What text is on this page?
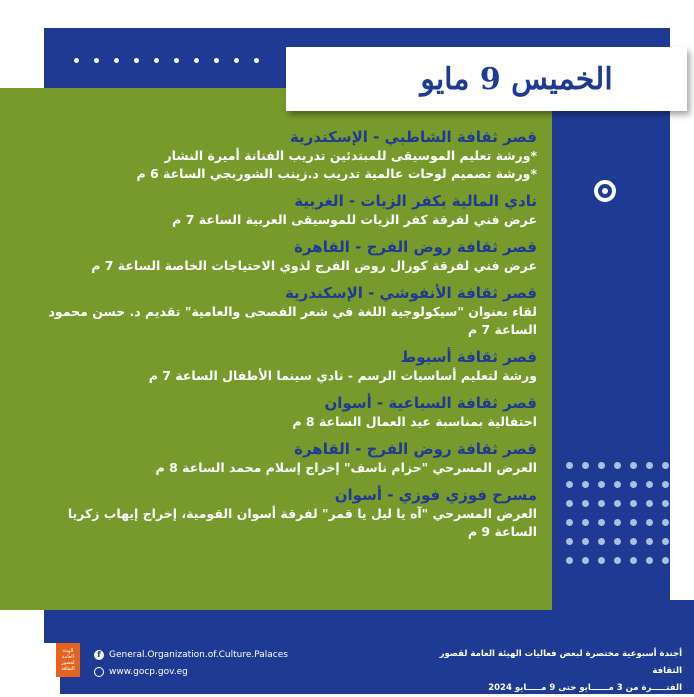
الخميس 9 مايو
قصر ثقافة الشاطبي - الإسكندرية
*ورشة تعليم الموسيقى للمبتدئين تدريب الفنانة أميرة النشار
*ورشة تصميم لوحات عالمية تدريب د.زينب الشوربجي الساعة 6 م
نادي المالية بكفر الزيات - الغربية
عرض فني لفرقة كفر الزيات للموسيقى العربية الساعة 7 م
قصر ثقافة روض الفرج - القاهرة
عرض فني لفرقة كورال روض الفرج لذوي الاحتياجات الخاصة الساعة 7 م
قصر ثقافة الأنفوشي - الإسكندرية
لقاء بعنوان "سيكولوجية اللغة في شعر الفصحى والعامية" تقديم د. حسن محمود
الساعة 7 م
قصر ثقافة أسيوط
ورشة لتعليم أساسيات الرسم - نادي سينما الأطفال الساعة 7 م
قصر ثقافة السباعية - أسوان
احتفالية بمناسبة عيد العمال الساعة 8 م
قصر ثقافة روض الفرج - القاهرة
العرض المسرحي "حزام ناسف" إخراج إسلام محمد الساعة 8 م
مسرح فوزي فوزي - أسوان
العرض المسرحي "آه يا ليل يا قمر" لفرقة أسوان القومية، إخراج إيهاب زكريا
الساعة 9 م
الهيئة العامة لقصور الثقافة
f General.Organization.of.Culture.Palaces
www.gocp.gov.eg
أجندة أسبوعية مختصرة لبعض فعاليات الهيئة العامة لقصور الثقافة
الفتـــــرة من 3 مــــــايو حتى 9 مـــــايو 2024
